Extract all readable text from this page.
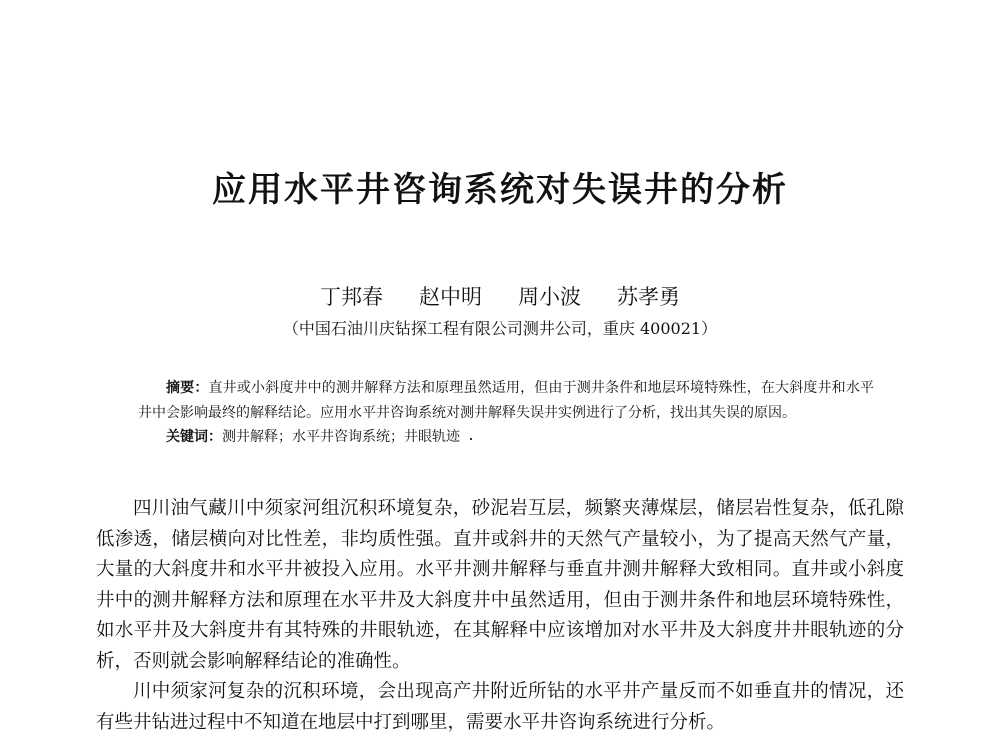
应用水平井咨询系统对失误井的分析
丁邦春 赵中明 周小波 苏孝勇
（中国石油川庆钻探工程有限公司测井公司，重庆 400021）

摘要：直井或小斜度井中的测井解释方法和原理虽然适用，但由于测井条件和地层环境特殊性，在大斜度井和水平井中会影响最终的解释结论。应用水平井咨询系统对测井解释失误井实例进行了分析，找出其失误的原因。

关键词：测井解释；水平井咨询系统；井眼轨迹

四川油气藏川中须家河组沉积环境复杂，砂泥岩互层，频繁夹薄煤层，储层岩性复杂，低孔隙低渗透，储层横向对比性差，非均质性强。直井或斜井的天然气产量较小，为了提高天然气产量，大量的大斜度井和水平井被投入应用。水平井测井解释与垂直井测井解释大致相同。直井或小斜度井中的测井解释方法和原理在水平井及大斜度井中虽然适用，但由于测井条件和地层环境特殊性，如水平井及大斜度井有其特殊的井眼轨迹，在其解释中应该增加对水平井及大斜度井井眼轨迹的分析，否则就会影响解释结论的准确性。

川中须家河复杂的沉积环境，会出现高产井附近所钻的水平井产量反而不如垂直井的情况，还有些井钻进过程中不知道在地层中打到哪里，需要水平井咨询系统进行分析。
